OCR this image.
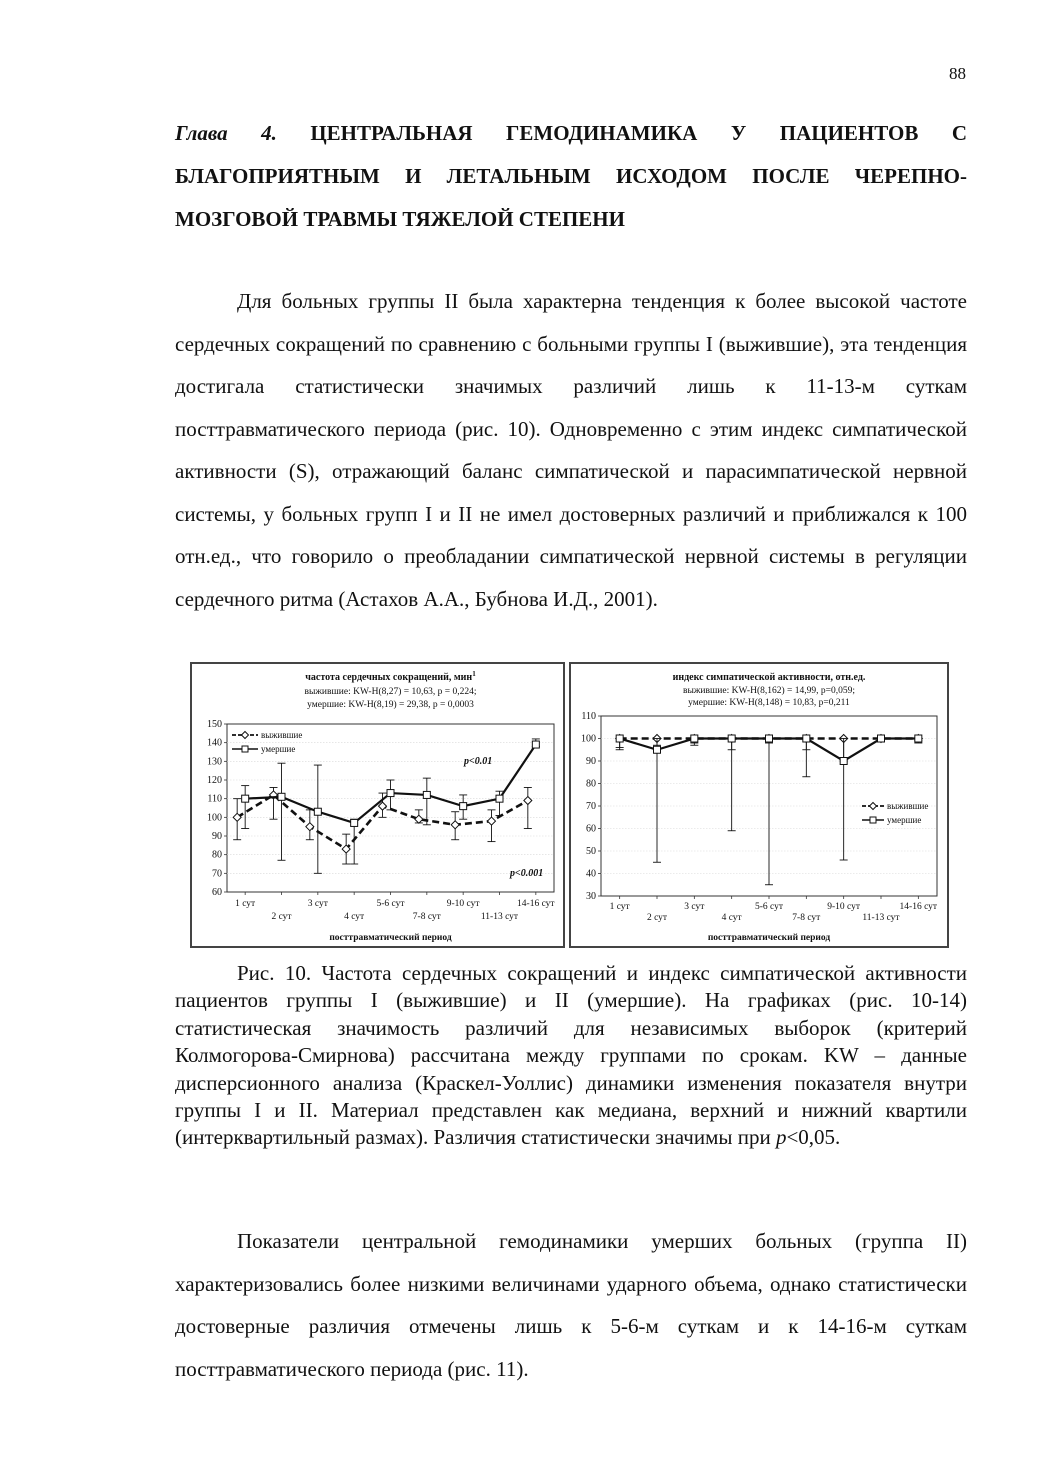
88
Глава 4. ЦЕНТРАЛЬНАЯ ГЕМОДИНАМИКА У ПАЦИЕНТОВ С БЛАГОПРИЯТНЫМ И ЛЕТАЛЬНЫМ ИСХОДОМ ПОСЛЕ ЧЕРЕПНО-МОЗГОВОЙ ТРАВМЫ ТЯЖЕЛОЙ СТЕПЕНИ

Для больных группы II была характерна тенденция к более высокой частоте сердечных сокращений по сравнению с больными группы I (выжившие), эта тенденция достигала статистически значимых различий лишь к 11-13-м суткам посттравматического периода (рис. 10). Одновременно с этим индекс симпатической активности (S), отражающий баланс симпатической и парасимпатической нервной системы, у больных групп I и II не имел достоверных различий и приближался к 100 отн.ед., что говорило о преобладании симпатической нервной системы в регуляции сердечного ритма (Астахов А.А., Бубнова И.Д., 2001).

частота сердечных сокращений, мин$^1$
выжившие: KW-H(8,27) = 10,63, p = 0,224;
умершие: KW-H(8,19) = 29,38, p = 0,0003
60
70
80
90
100
110
120
130
140
150
1 сут
2 сут
3 сут
4 сут
5-6 сут
7-8 сут
9-10 сут
11-13 сут
14-16 сут
посттравматический период
выжившие
умершие
p<0.01
p<0.001
индекс симпатической активности, отн.ед.
выжившие: KW-H(8,162) = 14,99, p=0,059;
умершие: KW-H(8,148) = 10,83, p=0,211
30
40
50
60
70
80
90
100
110
1 сут
2 сут
3 сут
4 сут
5-6 сут
7-8 сут
9-10 сут
11-13 сут
14-16 сут
посттравматический период
выжившие
умершие

Рис. 10. Частота сердечных сокращений и индекс симпатической активности пациентов группы I (выжившие) и II (умершие). На графиках (рис. 10-14) статистическая значимость различий для независимых выборок (критерий Колмогорова-Смирнова) рассчитана между группами по срокам. KW – данные дисперсионного анализа (Краскел-Уоллис) динамики изменения показателя внутри группы I и II. Материал представлен как медиана, верхний и нижний квартили (интерквартильный размах). Различия статистически значимы при p<0,05.

Показатели центральной гемодинамики умерших больных (группа II) характеризовались более низкими величинами ударного объема, однако статистически достоверные различия отмечены лишь к 5-6-м суткам и к 14-16-м суткам посттравматического периода (рис. 11).
